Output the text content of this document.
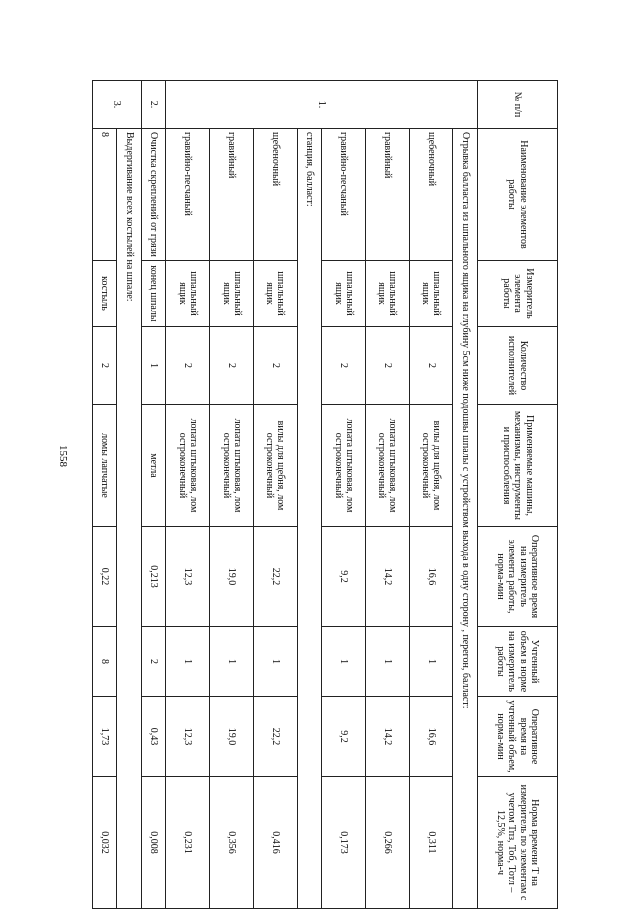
1558
№ п/п	Наименование элементов работы	Измеритель элемента работы	Количество исполнителей	Применяемые машины, механизмы, инструменты и приспособления	Оперативное время на измеритель элемента работы, норма-мин	Учтенный объем в норме на измеритель работы	Оперативное время на учтенный объем, норма-мин	Норма времени Т на измеритель по элементам с учетом Тпз, Тоб, Тотл – 12,5%, норма-ч
1.	Отрывка балласта из шпального ящика на глубину 5см ниже подошвы шпалы с устройством выхода в одну сторону , перегон, балласт:							
	щебеночный	шпальный ящик	2	вилы для щебня, лом остроконечный	16,6	1	16,6	0,311
	гравийный	шпальный ящик	2	лопата штыковая, лом остроконечный	14,2	1	14,2	0,266
	гравийно-песчаный	шпальный ящик	2	лопата штыковая, лом остроконечный	9,2	1	9,2	0,173
	станция, балласт:							
	щебеночный	шпальный ящик	2	вилы для щебня, лом остроконечный	22,2	1	22,2	0,416
	гравийный	шпальный ящик	2	лопата штыковая, лом остроконечный	19,0	1	19,0	0,356
	гравийно-песчаный	шпальный ящик	2	лопата штыковая, лом остроконечный	12,3	1	12,3	0,231
2.	Очистка скреплений от грязи	конец шпалы	1	метла	0,213	2	0,43	0,008
3.	Выдергивание всех костылей на шпале:							
	8	костыль	2	ломы лапчатые	0,22	8	1,73	0,032
